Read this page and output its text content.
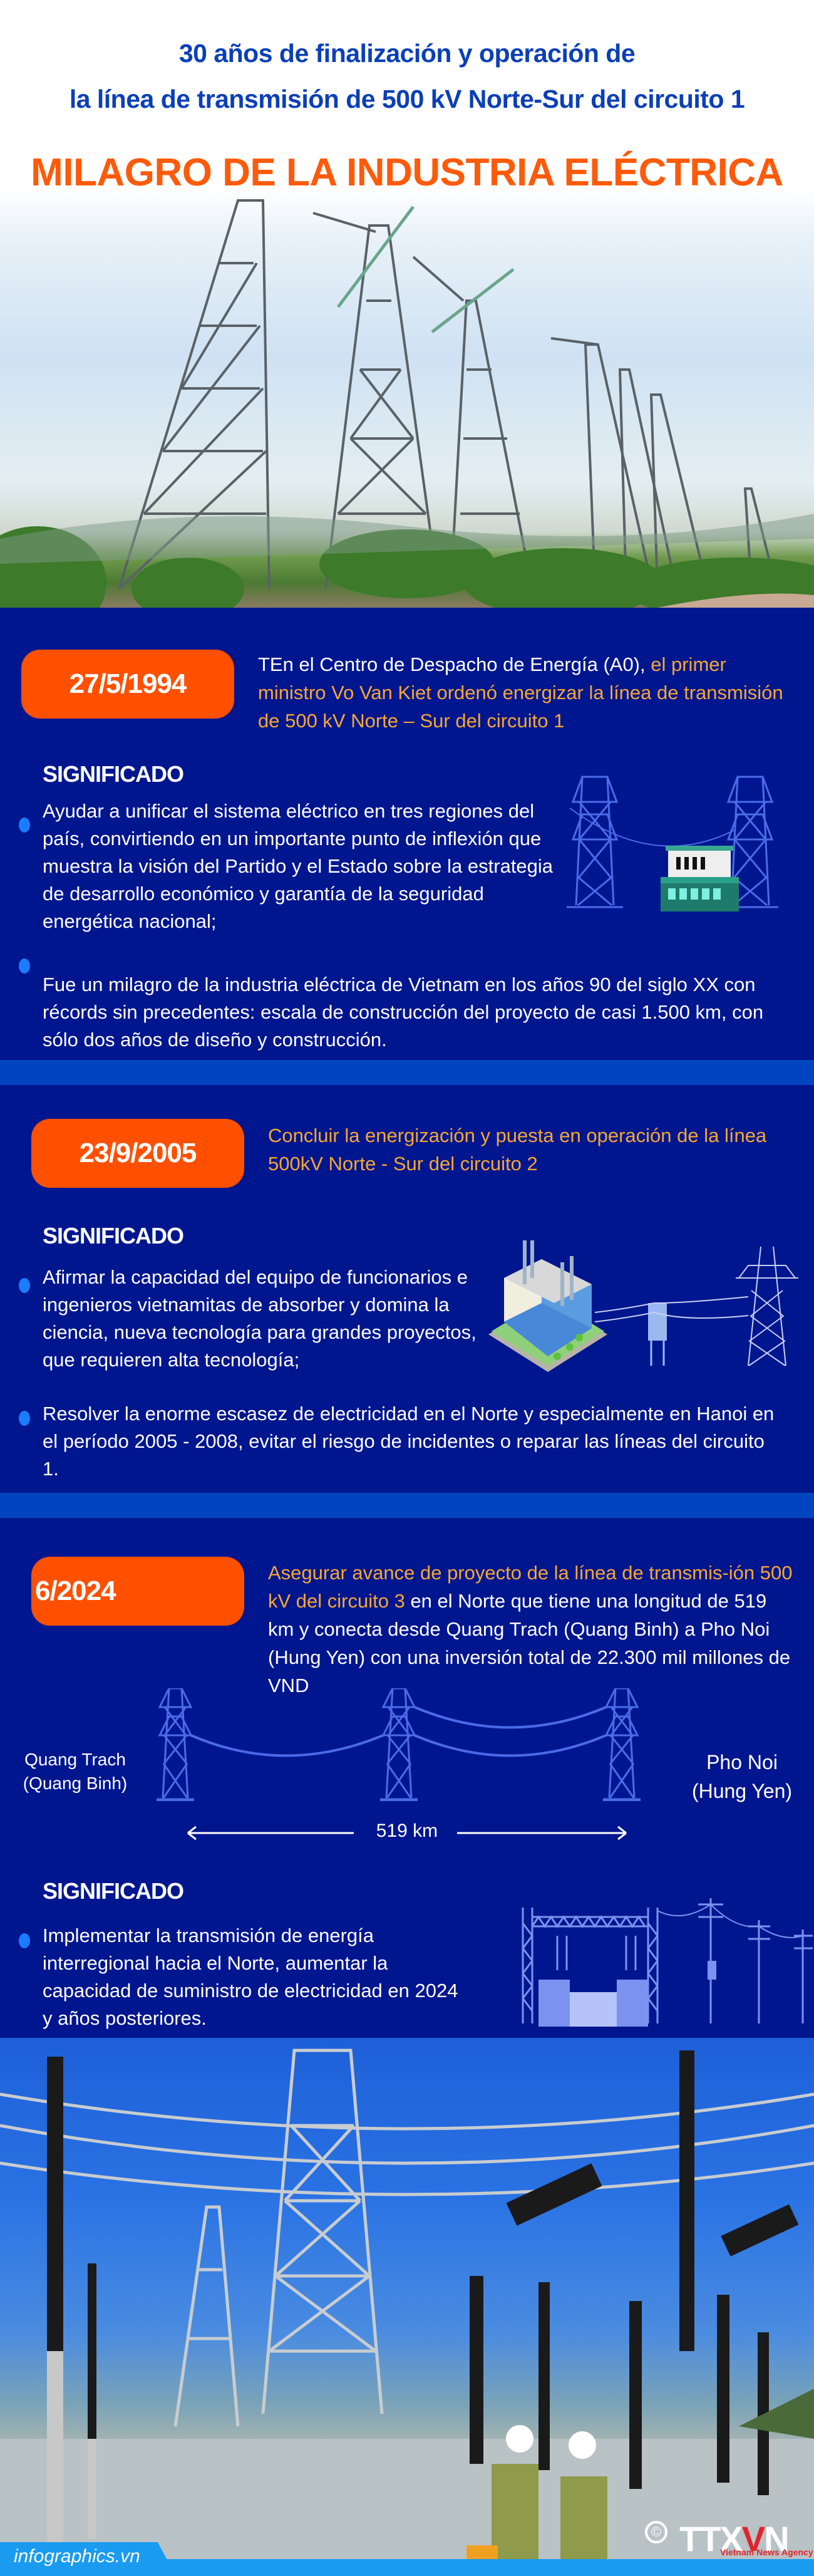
30 años de finalización y operación de
la línea de transmisión de 500 kV Norte-Sur del circuito 1
MILAGRO DE LA INDUSTRIA ELÉCTRICA
27/5/1994
TEn el Centro de Despacho de Energía (A0), el primer ministro Vo Van Kiet ordenó energizar la línea de transmisión de 500 kV Norte – Sur del circuito 1
SIGNIFICADO
Ayudar a unificar el sistema eléctrico en tres regiones del país, convirtiendo en un importante punto de inflexión que muestra la visión del Partido y el Estado sobre la estrategia de desarrollo económico y garantía de la seguridad energética nacional;
Fue un milagro de la industria eléctrica de Vietnam en los años 90 del siglo XX con récords sin precedentes: escala de construcción del proyecto de casi 1.500 km, con sólo dos años de diseño y construcción.
23/9/2005
Concluir la energización y puesta en operación de la línea 500kV Norte - Sur del circuito 2
SIGNIFICADO
Afirmar la capacidad del equipo de funcionarios e ingenieros vietnamitas de absorber y domina la ciencia, nueva tecnología para grandes proyectos, que requieren alta tecnología;
Resolver la enorme escasez de electricidad en el Norte y especialmente en Hanoi en el período 2005 - 2008, evitar el riesgo de incidentes o reparar las líneas del circuito 1.
6/2024
Asegurar avance de proyecto de la línea de transmis-ión 500 kV del circuito 3 en el Norte que tiene una longitud de 519 km y conecta desde Quang Trach (Quang Binh) a Pho Noi (Hung Yen) con una inversión total de 22.300 mil millones de VND
Quang Trach
(Quang Binh)
Pho Noi
(Hung Yen)
519 km
SIGNIFICADO
Implementar la transmisión de energía interregional hacia el Norte, aumentar la capacidad de suministro de electricidad en 2024 y años posteriores.
infographics.vn
© TTXVN
Vietnam News Agency
